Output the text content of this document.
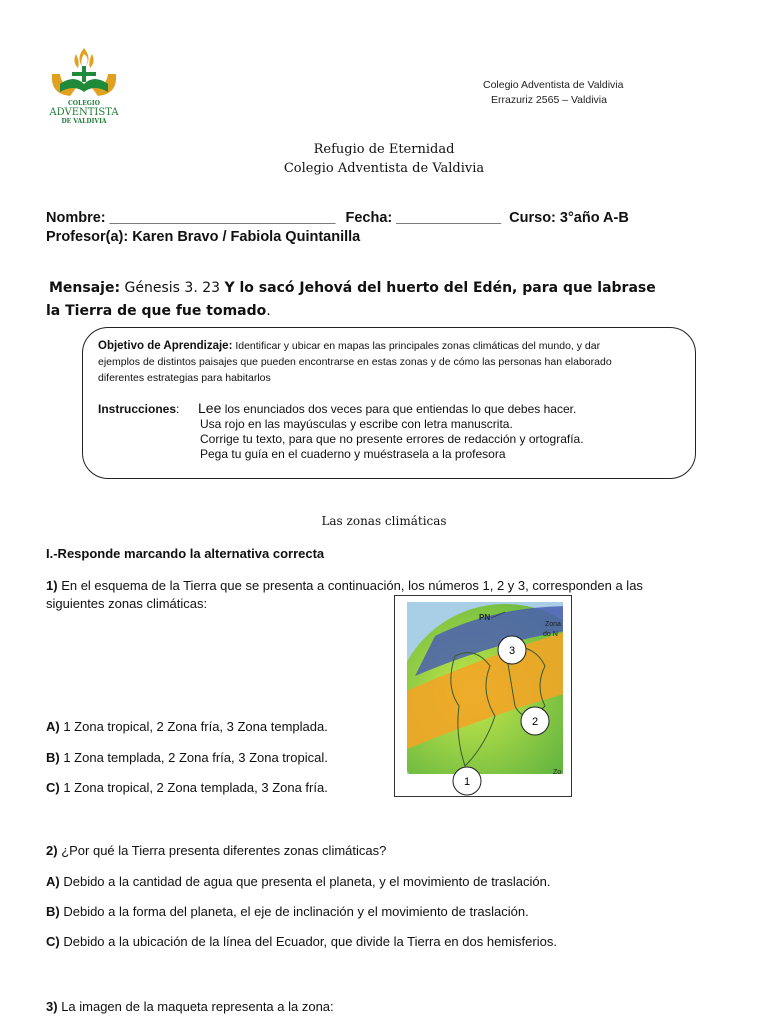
COLEGIO
ADVENTISTA
DE VALDIVIA
Colegio Adventista de Valdivia
Errazuriz 2565 – Valdivia
Refugio de Eternidad
Colegio Adventista de Valdivia
Nombre: ____________________________ Fecha: _____________ Curso: 3°año A-B
Profesor(a): Karen Bravo / Fabiola Quintanilla
Mensaje: Génesis 3. 23 Y lo sacó Jehová del huerto del Edén, para que labrase
la Tierra de que fue tomado.
Objetivo de Aprendizaje: Identificar y ubicar en mapas las principales zonas climáticas del mundo, y dar
ejemplos de distintos paisajes que pueden encontrarse en estas zonas y de cómo las personas han elaborado
diferentes estrategias para habitarlos
Instrucciones: Lee los enunciados dos veces para que entiendas lo que debes hacer.
Usa rojo en las mayúsculas y escribe con letra manuscrita.
Corrige tu texto, para que no presente errores de redacción y ortografía.
Pega tu guía en el cuaderno y muéstrasela a la profesora
Las zonas climáticas
I.-Responde marcando la alternativa correcta
1) En el esquema de la Tierra que se presenta a continuación, los números 1, 2 y 3, corresponden a las
siguientes zonas climáticas:
A) 1 Zona tropical, 2 Zona fría, 3 Zona templada.
B) 1 Zona templada, 2 Zona fría, 3 Zona tropical.
C) 1 Zona tropical, 2 Zona templada, 3 Zona fría.
PN
Zona
do N
Zo
3
2
1
2) ¿Por qué la Tierra presenta diferentes zonas climáticas?
A) Debido a la cantidad de agua que presenta el planeta, y el movimiento de traslación.
B) Debido a la forma del planeta, el eje de inclinación y el movimiento de traslación.
C) Debido a la ubicación de la línea del Ecuador, que divide la Tierra en dos hemisferios.
3) La imagen de la maqueta representa a la zona:
